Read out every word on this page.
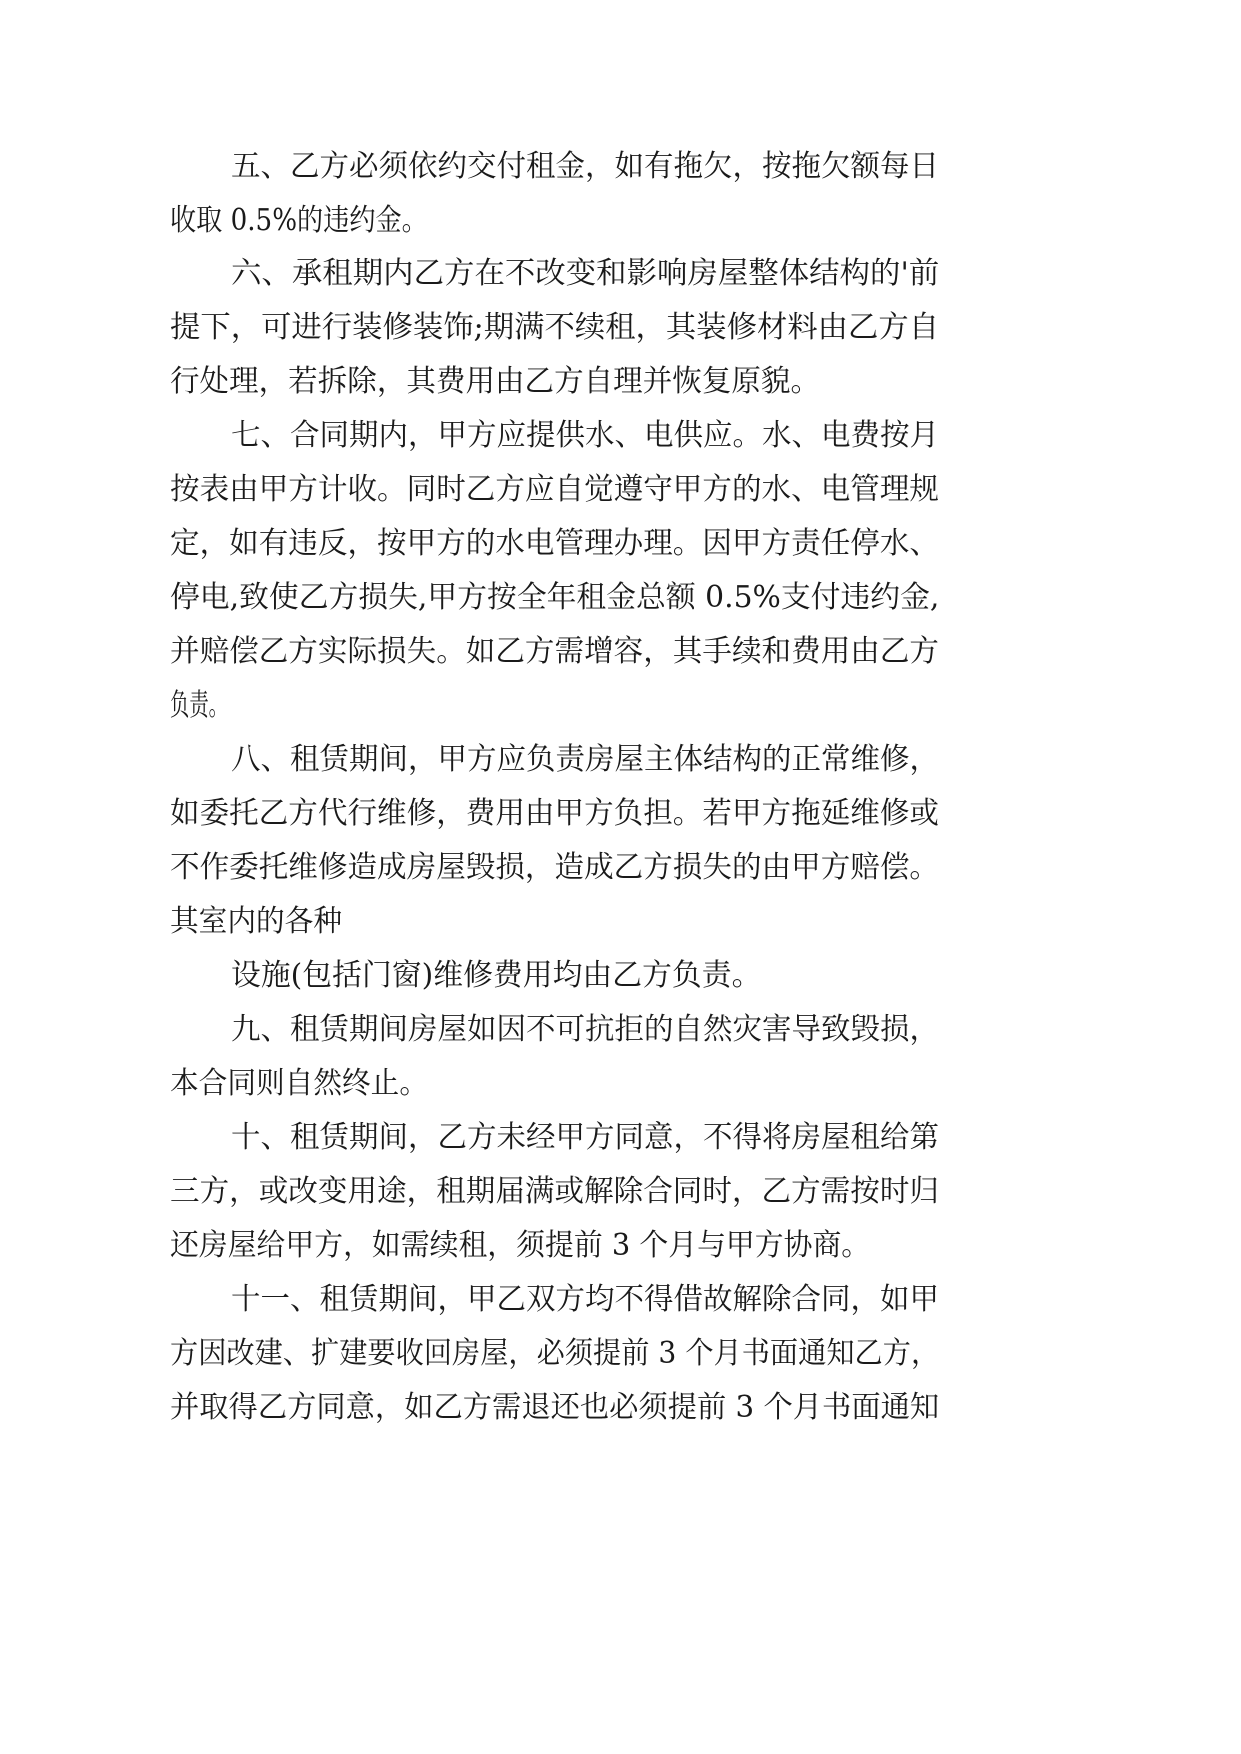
五、乙方必须依约交付租金，如有拖欠，按拖欠额每日
收取 0.5%的违约金。
六、承租期内乙方在不改变和影响房屋整体结构的'前
提下，可进行装修装饰;期满不续租，其装修材料由乙方自
行处理，若拆除，其费用由乙方自理并恢复原貌。
七、合同期内，甲方应提供水、电供应。水、电费按月
按表由甲方计收。同时乙方应自觉遵守甲方的水、电管理规
定，如有违反，按甲方的水电管理办理。因甲方责任停水、
停电,致使乙方损失,甲方按全年租金总额 0.5%支付违约金,
并赔偿乙方实际损失。如乙方需增容，其手续和费用由乙方
负责。
八、租赁期间，甲方应负责房屋主体结构的正常维修，
如委托乙方代行维修，费用由甲方负担。若甲方拖延维修或
不作委托维修造成房屋毁损，造成乙方损失的由甲方赔偿。
其室内的各种
设施(包括门窗)维修费用均由乙方负责。
九、租赁期间房屋如因不可抗拒的自然灾害导致毁损，
本合同则自然终止。
十、租赁期间，乙方未经甲方同意，不得将房屋租给第
三方，或改变用途，租期届满或解除合同时，乙方需按时归
还房屋给甲方，如需续租，须提前 3 个月与甲方协商。
十一、租赁期间，甲乙双方均不得借故解除合同，如甲
方因改建、扩建要收回房屋，必须提前 3 个月书面通知乙方，
并取得乙方同意，如乙方需退还也必须提前 3 个月书面通知
